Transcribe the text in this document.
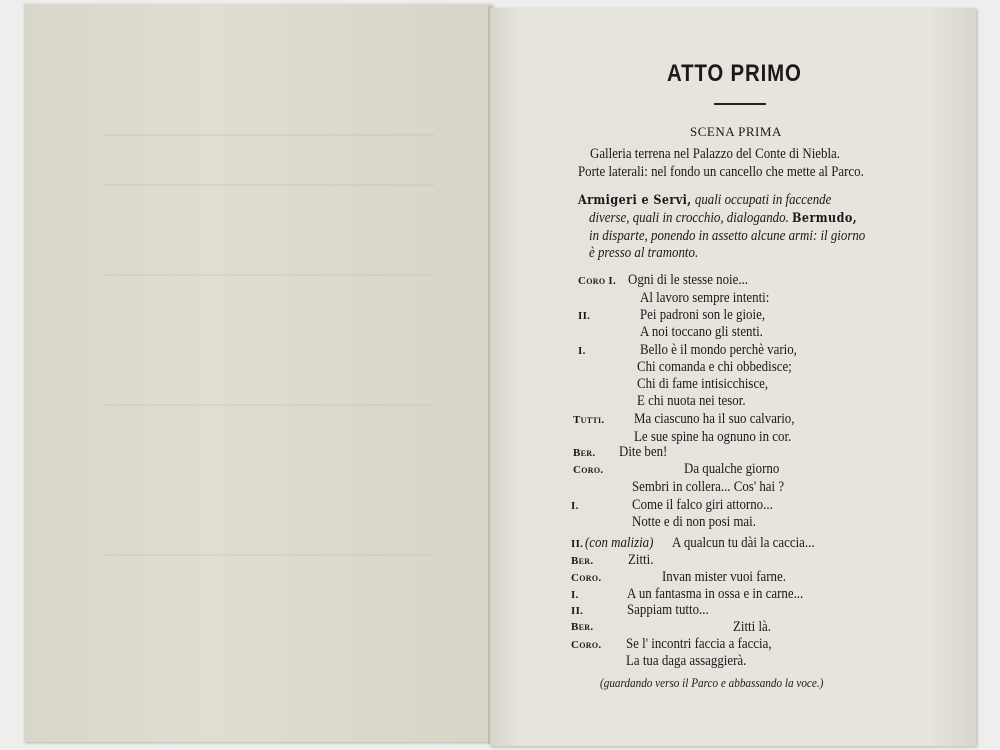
ATTO PRIMO
SCENA PRIMA
Galleria terrena nel Palazzo del Conte di Niebla.
Porte laterali: nel fondo un cancello che mette al Parco.
Armigeri e Servi, quali occupati in faccende
diverse, quali in crocchio, dialogando. Bermudo,
in disparte, ponendo in assetto alcune armi: il giorno
è presso al tramonto.
Coro I. Ogni di le stesse noie...
Al lavoro sempre intenti:
II.	Pei padroni son le gioie,
A noi toccano gli stenti.
I.	Bello è il mondo perchè vario,
Chi comanda e chi obbedisce;
Chi di fame intisicchisce,
E chi nuota nei tesor.
Tutti. Ma ciascuno ha il suo calvario,
Le sue spine ha ognuno in cor.
Ber. Dite ben!
Coro.	Da qualche giorno
Sembri in collera... Cos' hai ?
I.	Come il falco giri attorno...
Notte e di non posi mai.
II. (con malizia) A qualcun tu dài la caccia...
Ber. Zitti.
Coro.	Invan mister vuoi farne.
I.	A un fantasma in ossa e in carne...
II.	Sappiam tutto...
Ber.	Zitti là.
Coro. Se l' incontri faccia a faccia,
La tua daga assaggierà.
(guardando verso il Parco e abbassando la voce.)
